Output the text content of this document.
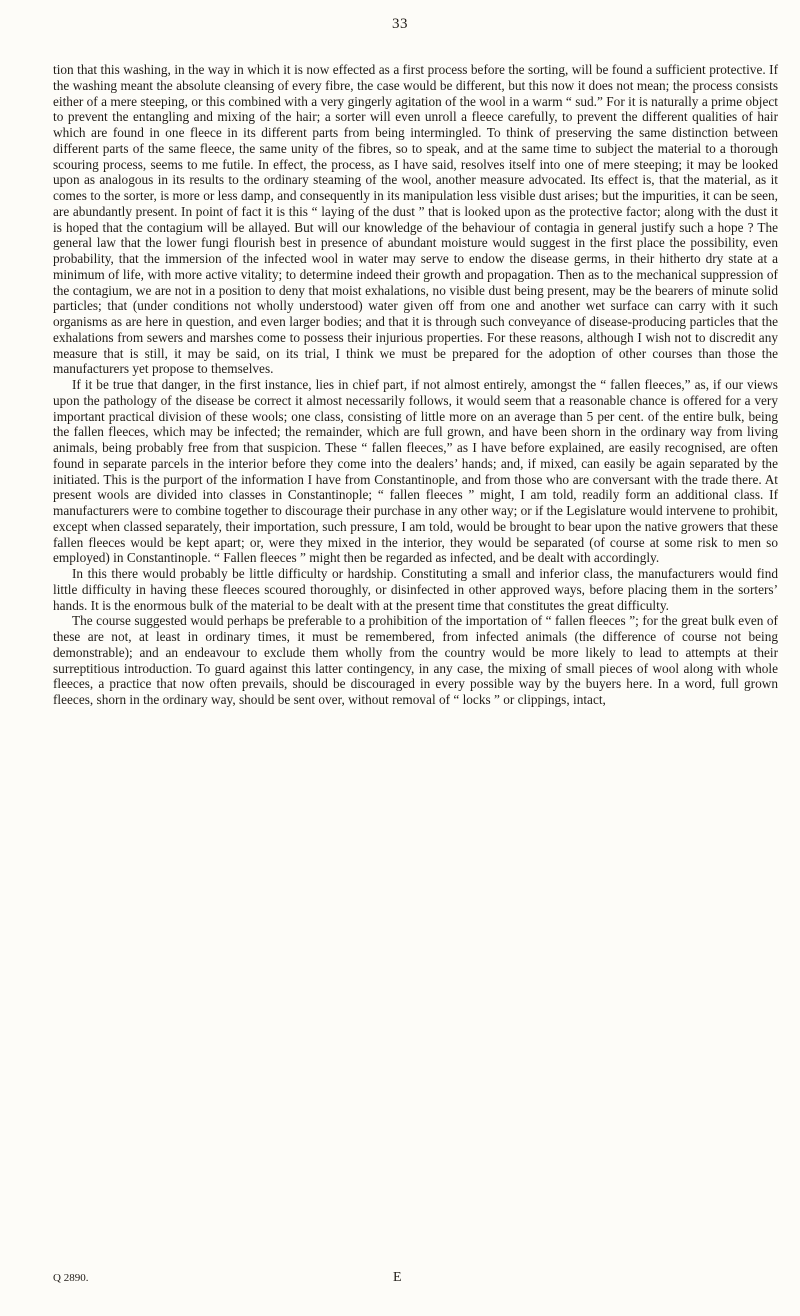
33

tion that this washing, in the way in which it is now effected as a first process before the sorting, will be found a sufficient protective. If the washing meant the absolute cleansing of every fibre, the case would be different, but this now it does not mean; the process consists either of a mere steeping, or this combined with a very gingerly agitation of the wool in a warm “ sud.” For it is naturally a prime object to prevent the entangling and mixing of the hair; a sorter will even unroll a fleece carefully, to prevent the different qualities of hair which are found in one fleece in its different parts from being intermingled. To think of preserving the same distinction between different parts of the same fleece, the same unity of the fibres, so to speak, and at the same time to subject the material to a thorough scouring process, seems to me futile. In effect, the process, as I have said, resolves itself into one of mere steeping; it may be looked upon as analogous in its results to the ordinary steaming of the wool, another measure advocated. Its effect is, that the material, as it comes to the sorter, is more or less damp, and consequently in its manipulation less visible dust arises; but the impurities, it can be seen, are abundantly present. In point of fact it is this “ laying of the dust ” that is looked upon as the protective factor; along with the dust it is hoped that the contagium will be allayed. But will our knowledge of the behaviour of contagia in general justify such a hope ? The general law that the lower fungi flourish best in presence of abundant moisture would suggest in the first place the possibility, even probability, that the immersion of the infected wool in water may serve to endow the disease germs, in their hitherto dry state at a minimum of life, with more active vitality; to determine indeed their growth and propagation. Then as to the mechanical suppression of the contagium, we are not in a position to deny that moist exhalations, no visible dust being present, may be the bearers of minute solid particles; that (under conditions not wholly understood) water given off from one and another wet surface can carry with it such organisms as are here in question, and even larger bodies; and that it is through such conveyance of disease-producing particles that the exhalations from sewers and marshes come to possess their injurious properties. For these reasons, although I wish not to discredit any measure that is still, it may be said, on its trial, I think we must be prepared for the adoption of other courses than those the manufacturers yet propose to themselves.

If it be true that danger, in the first instance, lies in chief part, if not almost entirely, amongst the “ fallen fleeces,” as, if our views upon the pathology of the disease be correct it almost necessarily follows, it would seem that a reasonable chance is offered for a very important practical division of these wools; one class, consisting of little more on an average than 5 per cent. of the entire bulk, being the fallen fleeces, which may be infected; the remainder, which are full grown, and have been shorn in the ordinary way from living animals, being probably free from that suspicion. These “ fallen fleeces,” as I have before explained, are easily recognised, are often found in separate parcels in the interior before they come into the dealers’ hands; and, if mixed, can easily be again separated by the initiated. This is the purport of the information I have from Constantinople, and from those who are conversant with the trade there. At present wools are divided into classes in Constantinople; “ fallen fleeces ” might, I am told, readily form an additional class. If manufacturers were to combine together to discourage their purchase in any other way; or if the Legislature would intervene to prohibit, except when classed separately, their importation, such pressure, I am told, would be brought to bear upon the native growers that these fallen fleeces would be kept apart; or, were they mixed in the interior, they would be separated (of course at some risk to men so employed) in Constantinople. “ Fallen fleeces ” might then be regarded as infected, and be dealt with accordingly.

In this there would probably be little difficulty or hardship. Constituting a small and inferior class, the manufacturers would find little difficulty in having these fleeces scoured thoroughly, or disinfected in other approved ways, before placing them in the sorters’ hands. It is the enormous bulk of the material to be dealt with at the present time that constitutes the great difficulty.

The course suggested would perhaps be preferable to a prohibition of the importation of “ fallen fleeces ”; for the great bulk even of these are not, at least in ordinary times, it must be remembered, from infected animals (the difference of course not being demonstrable); and an endeavour to exclude them wholly from the country would be more likely to lead to attempts at their surreptitious introduction. To guard against this latter contingency, in any case, the mixing of small pieces of wool along with whole fleeces, a practice that now often prevails, should be discouraged in every possible way by the buyers here. In a word, full grown fleeces, shorn in the ordinary way, should be sent over, without removal of “ locks ” or clippings, intact,

Q 2890.	E
